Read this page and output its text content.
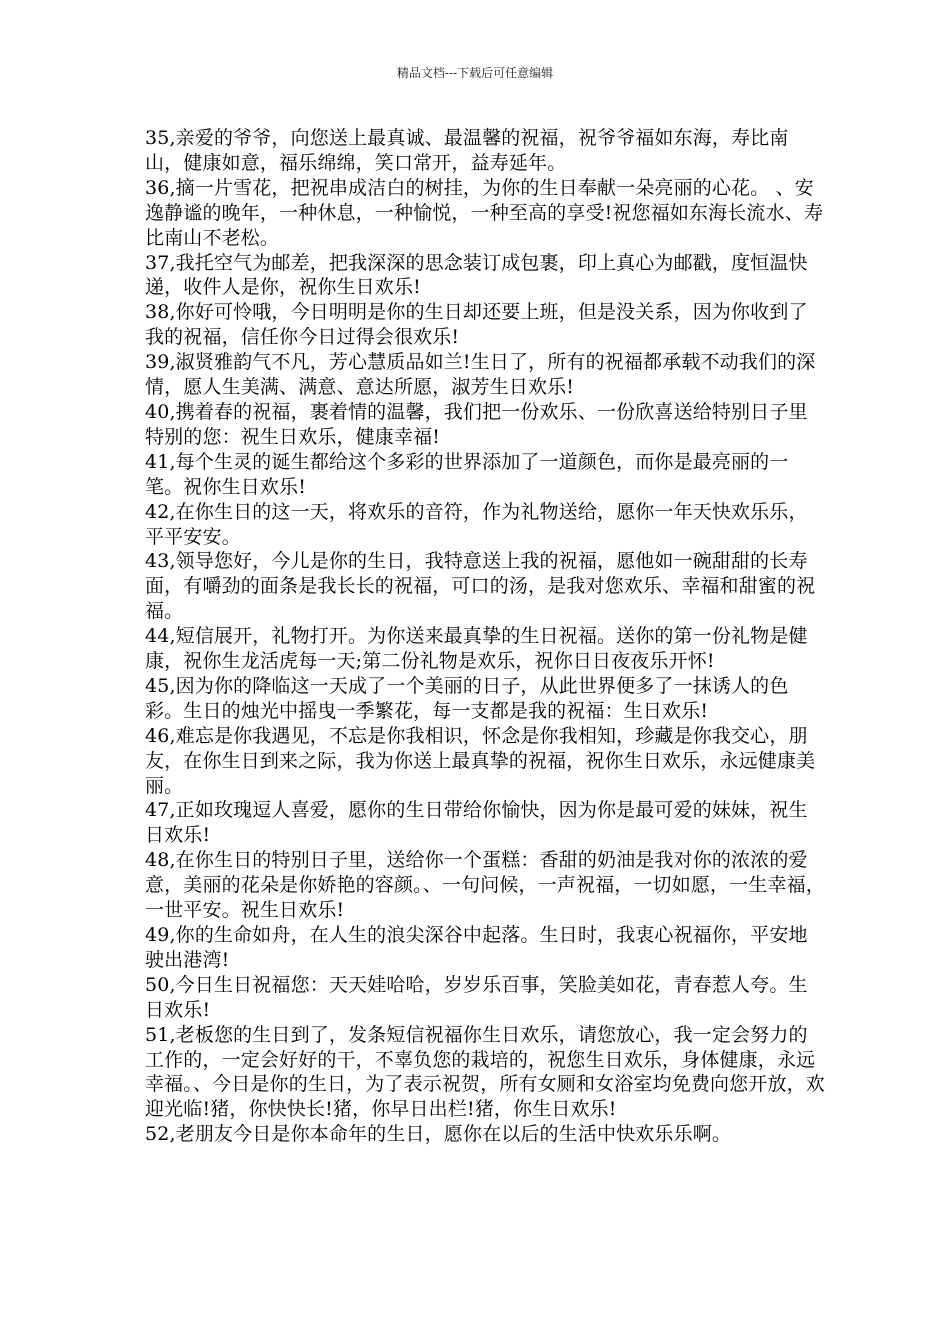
精品文档---下载后可任意编辑

35,亲爱的爷爷，向您送上最真诚、最温馨的祝福，祝爷爷福如东海，寿比南山，健康如意，福乐绵绵，笑口常开，益寿延年。

36,摘一片雪花，把祝串成洁白的树挂，为你的生日奉献一朵亮丽的心花。 、安逸静谧的晚年，一种休息，一种愉悦，一种至高的享受!祝您福如东海长流水、寿比南山不老松。

37,我托空气为邮差，把我深深的思念装订成包裹，印上真心为邮戳，度恒温快递，收件人是你，祝你生日欢乐!

38,你好可怜哦，今日明明是你的生日却还要上班，但是没关系，因为你收到了我的祝福，信任你今日过得会很欢乐!

39,淑贤雅韵气不凡，芳心慧质品如兰!生日了，所有的祝福都承载不动我们的深情，愿人生美满、满意、意达所愿，淑芳生日欢乐!

40,携着春的祝福，裹着情的温馨，我们把一份欢乐、一份欣喜送给特别日子里特别的您：祝生日欢乐，健康幸福!

41,每个生灵的诞生都给这个多彩的世界添加了一道颜色，而你是最亮丽的一笔。祝你生日欢乐!

42,在你生日的这一天，将欢乐的音符，作为礼物送给，愿你一年天快欢乐乐，平平安安。

43,领导您好，今儿是你的生日，我特意送上我的祝福，愿他如一碗甜甜的长寿面，有嚼劲的面条是我长长的祝福，可口的汤，是我对您欢乐、幸福和甜蜜的祝福。

44,短信展开，礼物打开。为你送来最真挚的生日祝福。送你的第一份礼物是健康，祝你生龙活虎每一天;第二份礼物是欢乐，祝你日日夜夜乐开怀!

45,因为你的降临这一天成了一个美丽的日子，从此世界便多了一抹诱人的色彩。生日的烛光中摇曳一季繁花，每一支都是我的祝福：生日欢乐!

46,难忘是你我遇见，不忘是你我相识，怀念是你我相知，珍藏是你我交心，朋友，在你生日到来之际，我为你送上最真挚的祝福，祝你生日欢乐，永远健康美丽。

47,正如玫瑰逗人喜爱，愿你的生日带给你愉快，因为你是最可爱的妹妹，祝生日欢乐!

48,在你生日的特别日子里，送给你一个蛋糕：香甜的奶油是我对你的浓浓的爱意，美丽的花朵是你娇艳的容颜。、一句问候，一声祝福，一切如愿，一生幸福，一世平安。祝生日欢乐!

49,你的生命如舟，在人生的浪尖深谷中起落。生日时，我衷心祝福你，平安地驶出港湾!

50,今日生日祝福您：天天娃哈哈，岁岁乐百事，笑脸美如花，青春惹人夸。生日欢乐!

51,老板您的生日到了，发条短信祝福你生日欢乐，请您放心，我一定会努力的工作的，一定会好好的干，不辜负您的栽培的，祝您生日欢乐，身体健康，永远幸福。、今日是你的生日，为了表示祝贺，所有女厕和女浴室均免费向您开放，欢迎光临!猪，你快快长!猪，你早日出栏!猪，你生日欢乐!

52,老朋友今日是你本命年的生日，愿你在以后的生活中快欢乐乐啊。
